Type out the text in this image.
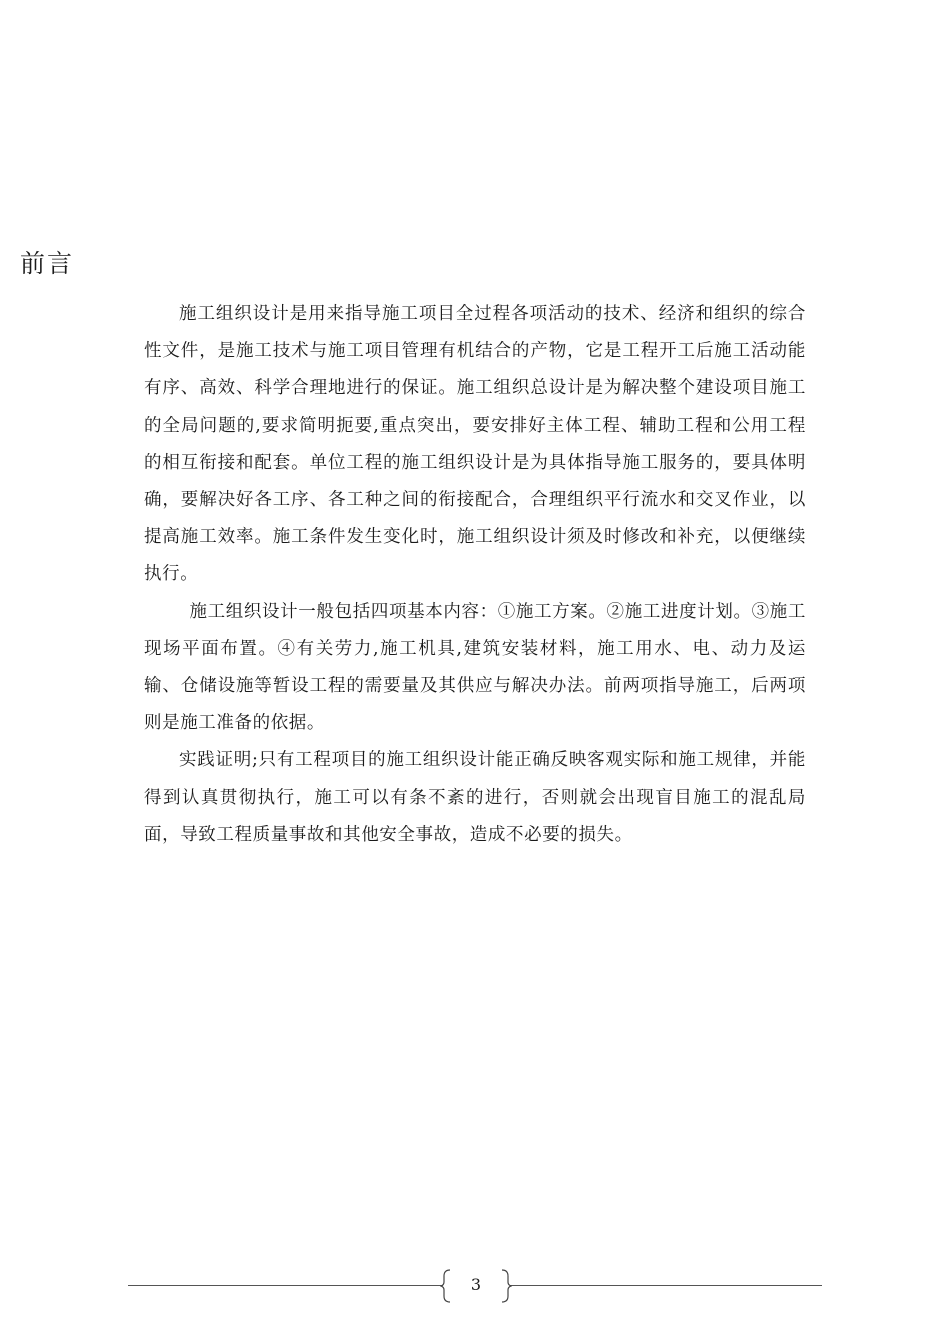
前言

施工组织设计是用来指导施工项目全过程各项活动的技术、经济和组织的综合性文件，是施工技术与施工项目管理有机结合的产物，它是工程开工后施工活动能有序、高效、科学合理地进行的保证。施工组织总设计是为解决整个建设项目施工的全局问题的,要求简明扼要,重点突出，要安排好主体工程、辅助工程和公用工程的相互衔接和配套。单位工程的施工组织设计是为具体指导施工服务的，要具体明确，要解决好各工序、各工种之间的衔接配合，合理组织平行流水和交叉作业，以提高施工效率。施工条件发生变化时，施工组织设计须及时修改和补充，以便继续执行。

施工组织设计一般包括四项基本内容：①施工方案。②施工进度计划。③施工现场平面布置。④有关劳力,施工机具,建筑安装材料，施工用水、电、动力及运输、仓储设施等暂设工程的需要量及其供应与解决办法。前两项指导施工，后两项则是施工准备的依据。

实践证明;只有工程项目的施工组织设计能正确反映客观实际和施工规律，并能得到认真贯彻执行，施工可以有条不紊的进行，否则就会出现盲目施工的混乱局面，导致工程质量事故和其他安全事故，造成不必要的损失。

3
